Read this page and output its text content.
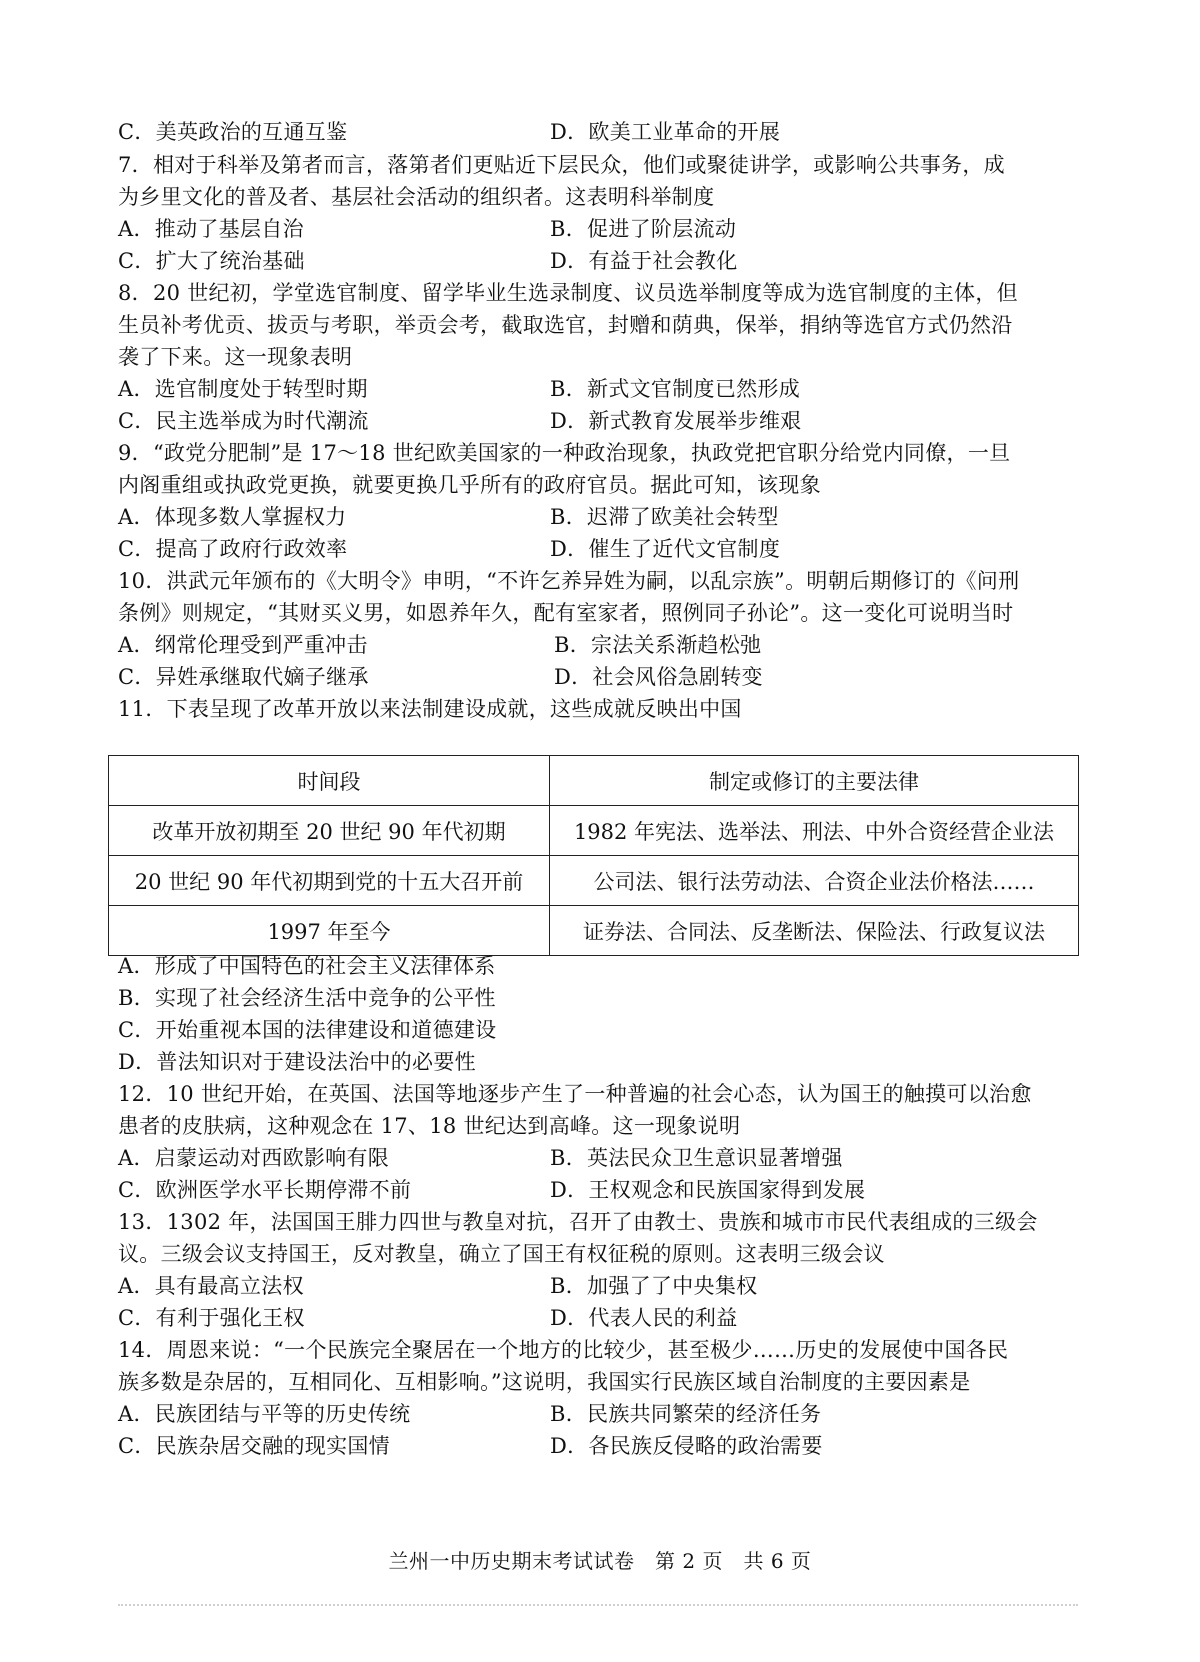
C．美英政治的互通互鉴	D．欧美工业革命的开展
7．相对于科举及第者而言，落第者们更贴近下层民众，他们或聚徒讲学，或影响公共事务，成
为乡里文化的普及者、基层社会活动的组织者。这表明科举制度
A．推动了基层自治	B．促进了阶层流动
C．扩大了统治基础	D．有益于社会教化
8．20 世纪初，学堂选官制度、留学毕业生选录制度、议员选举制度等成为选官制度的主体，但
生员补考优贡、拔贡与考职，举贡会考，截取选官，封赠和荫典，保举，捐纳等选官方式仍然沿
袭了下来。这一现象表明
A．选官制度处于转型时期	B．新式文官制度已然形成
C．民主选举成为时代潮流	D．新式教育发展举步维艰
9．“政党分肥制”是 17～18 世纪欧美国家的一种政治现象，执政党把官职分给党内同僚，一旦
内阁重组或执政党更换，就要更换几乎所有的政府官员。据此可知，该现象
A．体现多数人掌握权力	B．迟滞了欧美社会转型
C．提高了政府行政效率	D．催生了近代文官制度
10．洪武元年颁布的《大明令》申明，“不许乞养异姓为嗣，以乱宗族”。明朝后期修订的《问刑
条例》则规定，“其财买义男，如恩养年久，配有室家者，照例同子孙论”。这一变化可说明当时
A．纲常伦理受到严重冲击	B．宗法关系渐趋松弛
C．异姓承继取代嫡子继承	D．社会风俗急剧转变
11．下表呈现了改革开放以来法制建设成就，这些成就反映出中国
时间段	制定或修订的主要法律
改革开放初期至 20 世纪 90 年代初期	1982 年宪法、选举法、刑法、中外合资经营企业法
20 世纪 90 年代初期到党的十五大召开前	公司法、银行法劳动法、合资企业法价格法……
1997 年至今	证券法、合同法、反垄断法、保险法、行政复议法
A．形成了中国特色的社会主义法律体系
B．实现了社会经济生活中竞争的公平性
C．开始重视本国的法律建设和道德建设
D．普法知识对于建设法治中的必要性
12．10 世纪开始，在英国、法国等地逐步产生了一种普遍的社会心态，认为国王的触摸可以治愈
患者的皮肤病，这种观念在 17、18 世纪达到高峰。这一现象说明
A．启蒙运动对西欧影响有限	B．英法民众卫生意识显著增强
C．欧洲医学水平长期停滞不前	D．王权观念和民族国家得到发展
13．1302 年，法国国王腓力四世与教皇对抗，召开了由教士、贵族和城市市民代表组成的三级会
议。三级会议支持国王，反对教皇，确立了国王有权征税的原则。这表明三级会议
A．具有最高立法权	B．加强了了中央集权
C．有利于强化王权	D．代表人民的利益
14．周恩来说：“一个民族完全聚居在一个地方的比较少，甚至极少……历史的发展使中国各民
族多数是杂居的，互相同化、互相影响。”这说明，我国实行民族区域自治制度的主要因素是
A．民族团结与平等的历史传统	B．民族共同繁荣的经济任务
C．民族杂居交融的现实国情	D．各民族反侵略的政治需要
兰州一中历史期末考试试卷　第 2 页　共 6 页
